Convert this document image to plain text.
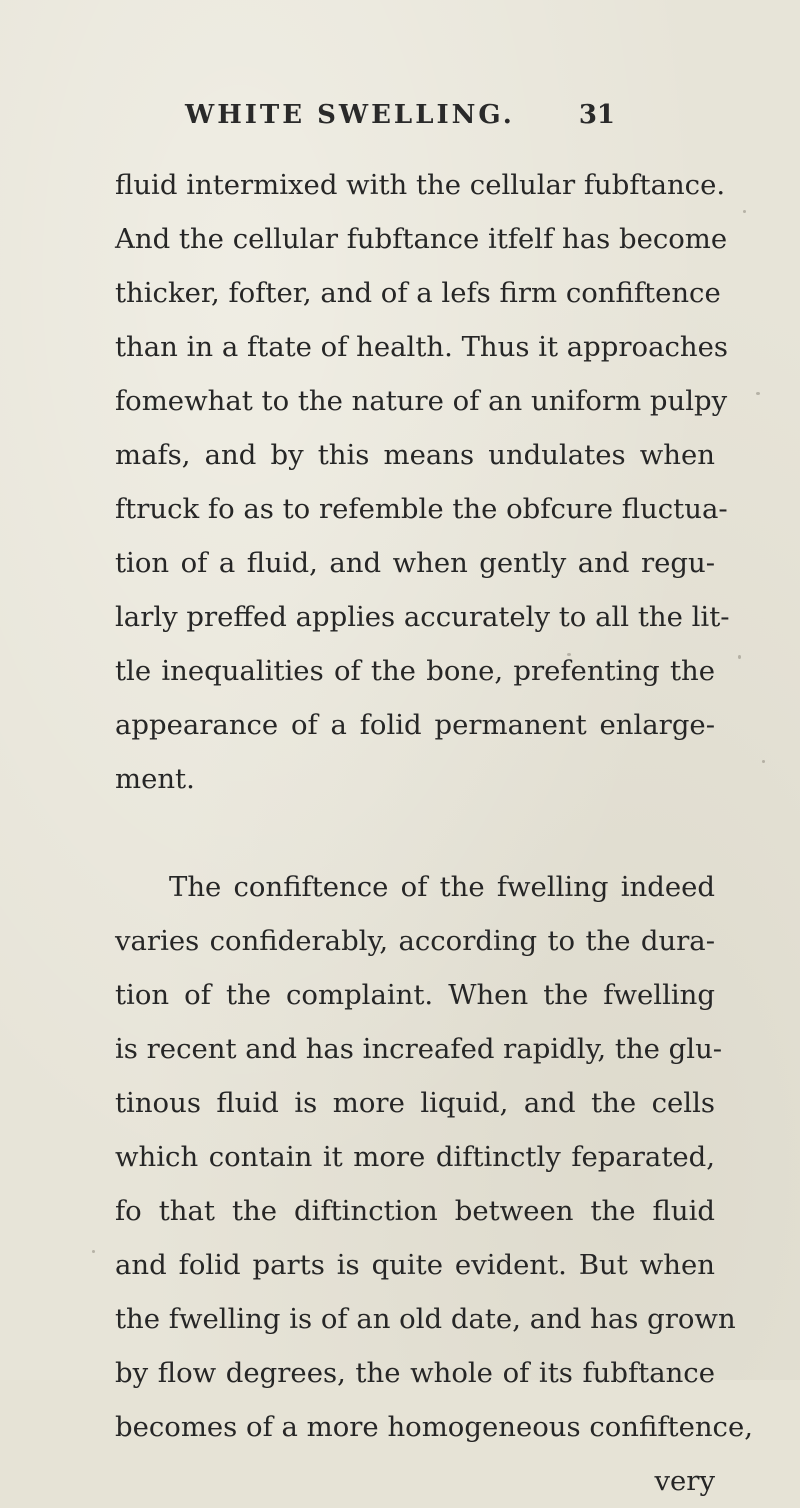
WHITE SWELLING. 31
fluid intermixed with the cellular fubftance.
And the cellular fubftance itfelf has become
thicker, fofter, and of a lefs firm confiftence
than in a ftate of health. Thus it approaches
fomewhat to the nature of an uniform pulpy
mafs, and by this means undulates when
ftruck fo as to refemble the obfcure fluctua-
tion of a fluid, and when gently and regu-
larly preffed applies accurately to all the lit-
tle inequalities of the bone, prefenting the
appearance of a folid permanent enlarge-
ment.
The confiftence of the fwelling indeed
varies confiderably, according to the dura-
tion of the complaint. When the fwelling
is recent and has increafed rapidly, the glu-
tinous fluid is more liquid, and the cells
which contain it more diftinctly feparated,
fo that the diftinction between the fluid
and folid parts is quite evident. But when
the fwelling is of an old date, and has grown
by flow degrees, the whole of its fubftance
becomes of a more homogeneous confiftence,
very
